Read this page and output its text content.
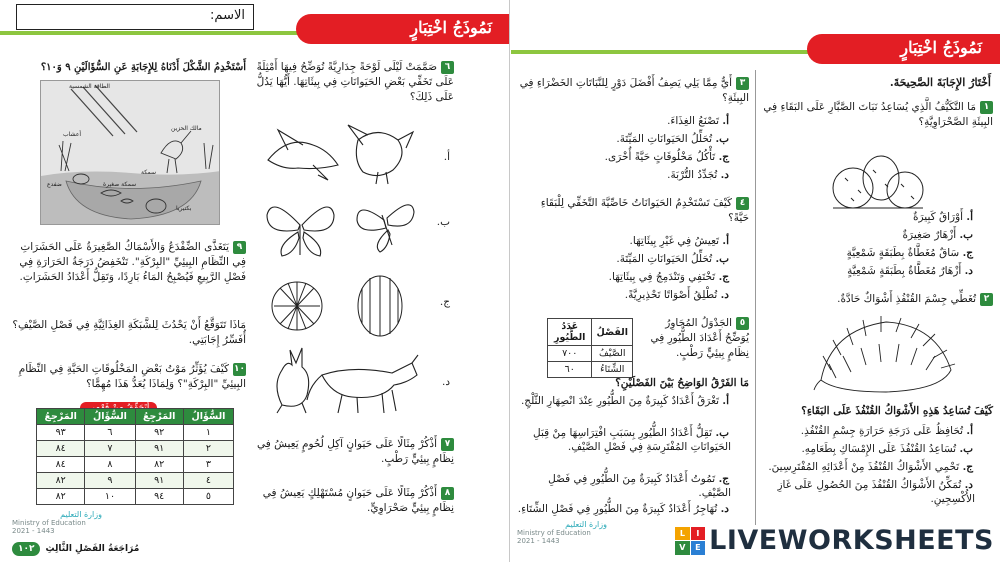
نَمُوذَجُ اخْتِبَارٍ
الاسم:
٦صَمَّمَتْ لَيْلَى لَوْحَةً جِدَارِيَّةً تُوَضِّحُ فِيهَا أَمْثِلَةً عَلَى تَخَفِّي بَعْضِ الحَيَوانَاتِ فِي بِيئَاتِهَا. أَيُّهَا يَدُلُّ عَلَى ذَلِكَ؟
أ.
ب.
ج.
د.
٧أَذْكُرْ مِثَالًا عَلَى حَيَوانٍ آكِلِ لُحُومٍ يَعِيشُ فِي نِظَامٍ بِيئِيٍّ رَطْبٍ.
٨أَذْكُرْ مِثَالًا عَلَى حَيَوانٍ مُسْتَهْلِكٍ يَعِيشُ فِي نِظَامٍ بِيئِيٍّ صَحْرَاوِيٍّ.
أَسْتَخْدِمُ الشَّكْلَ أَدْنَاهُ لِلإِجَابَةِ عَنِ السُّؤَالَيْنِ ٩ وَ١٠؟
الطاقة الشمسية
أعشاب
مالك الحزين
ضفدع
سمكة
سمكة صغيرة
بكتيريا
٩يَتَغَذَّى الضِّفْدَعُ وَالأَسْمَاكُ الصَّغِيرَةُ عَلَى الحَشَرَاتِ فِي النِّظَامِ البِيئِيِّ "البِرْكَةِ". تَنْخَفِضُ دَرَجَةُ الحَرَارَةِ فِي فَصْلِ الرَّبِيعِ فَيُصْبِحُ المَاءُ بَارِدًا، وَتَقِلُّ أَعْدَادُ الحَشَرَاتِ.
مَاذَا تَتَوَقَّعُ أَنْ يَحْدُثَ لِلشَّبَكَةِ الغِذَائِيَّةِ فِي فَصْلِ الصَّيْفِ؟ أُفَسِّرُ إِجَابَتِي.
١٠كَيْفَ يُؤَثِّرُ مَوْتُ بَعْضِ المَخْلُوقَاتِ الحَيَّةِ فِي النِّظَامِ البِيئِيِّ "البِرْكَةِ"؟ وَلِمَاذَا يُعَدُّ هَذَا مُهِمًّا؟
السُّؤَالُ	المَرْجِعُ	السُّؤَالُ	المَرْجِعُ
١	٩٢	٦	٩٣
٢	٩١	٧	٨٤
٣	٨٢	٨	٨٤
٤	٩١	٩	٨٢
٥	٩٤	١٠	٨٢
وزارة التعليم
Ministry of Education
2021 - 1443
١٠٢	مُرَاجَعَةُ الفَصْلِ الثَّالِثِ
نَمُوذَجُ اخْتِبَارٍ
أَخْتَارُ الإِجَابَةَ الصَّحِيحَةَ.
١مَا التَّكَيُّفُ الَّذِي يُسَاعِدُ نَبَاتَ الصَّبَّارِ عَلَى البَقَاءِ فِي البِيئَةِ الصَّحْرَاوِيَّةِ؟
أ. أَوْرَاقٌ كَبِيرَةٌ
ب. أَزْهَارٌ صَغِيرَةٌ
ج. سَاقٌ مُغَطَّاةٌ بِطَبَقَةٍ شَمْعِيَّةٍ
د. أَزْهَارٌ مُغَطَّاةٌ بِطَبَقَةٍ شَمْعِيَّةٍ
٢تُغَطِّي جِسْمَ القُنْفُذِ أَشْوَاكٌ حَادَّةٌ.
كَيْفَ تُسَاعِدُ هَذِهِ الأَشْوَاكُ القُنْفُذَ عَلَى البَقَاءِ؟
أ. تُحَافِظُ عَلَى دَرَجَةِ حَرَارَةِ جِسْمِ القُنْفُذِ.
ب. تُسَاعِدُ القُنْفُذَ عَلَى الإِمْسَاكِ بِطَعَامِهِ.
ج. تَحْمِي الأَشْوَاكُ القُنْفُذَ مِنْ أَعْدَائِهِ المُفْتَرِسِينَ.
د. تُمَكِّنُ الأَشْوَاكُ القُنْفُذَ مِنَ الحُصُولِ عَلَى غَازِ الأُكْسِجِينِ.
٣أَيٌّ مِمَّا يَلِي يَصِفُ أَفْضَلَ دَوْرٍ لِلنَّبَاتَاتِ الخَضْرَاءِ فِي البِيئَةِ؟
أ. تَصْنَعُ الغِذَاءَ.
ب. تُحَلِّلُ الحَيَوانَاتِ المَيِّتَةَ.
ج. تَأْكُلُ مَخْلُوقَاتٍ حَيَّةً أُخْرَى.
د. تُجَدِّدُ التُّرْبَةَ.
٤كَيْفَ تَسْتَخْدِمُ الحَيَوانَاتُ خَاصِّيَّةَ التَّخَفِّي لِلْبَقَاءِ حَيَّةً؟
أ. تَعِيشُ فِي غَيْرِ بِيئَاتِهَا.
ب. تُحَلِّلُ الحَيَوانَاتِ المَيِّتَةَ.
ج. تَخْتَفِي وَتَنْدَمِجُ فِي بِيئَاتِهَا.
د. تُطْلِقُ أَصْوَاتًا تَحْذِيرِيَّةً.
٥الجَدْوَلُ المُجَاوِرُ يُوَضِّحُ أَعْدَادَ الطُّيُورِ فِي نِظَامٍ بِيئِيٍّ رَطْبٍ.
الفَصْلُ	عَدَدُ الطُّيُورِ
الصَّيْفُ	٧٠٠
الشِّتَاءُ	٦٠
مَا الفَرْقُ الوَاضِحُ بَيْنَ الفَصْلَيْنِ؟
أ. تَغْرَقُ أَعْدَادٌ كَبِيرَةٌ مِنَ الطُّيُورِ عِنْدَ انْصِهَارِ الثَّلْجِ.
ب. تَقِلُّ أَعْدَادُ الطُّيُورِ بِسَبَبِ افْتِرَاسِهَا مِنْ قِبَلِ الحَيَوانَاتِ المُفْتَرِسَةِ فِي فَصْلِ الصَّيْفِ.
ج. تَمُوتُ أَعْدَادٌ كَبِيرَةٌ مِنَ الطُّيُورِ فِي فَصْلِ الصَّيْفِ.
د. تُهَاجِرُ أَعْدَادٌ كَبِيرَةٌ مِنَ الطُّيُورِ فِي فَصْلِ الشِّتَاءِ.
وزارة التعليم
Ministry of Education
2021 - 1443
L	I
V	E LIVEWORKSHEETS
